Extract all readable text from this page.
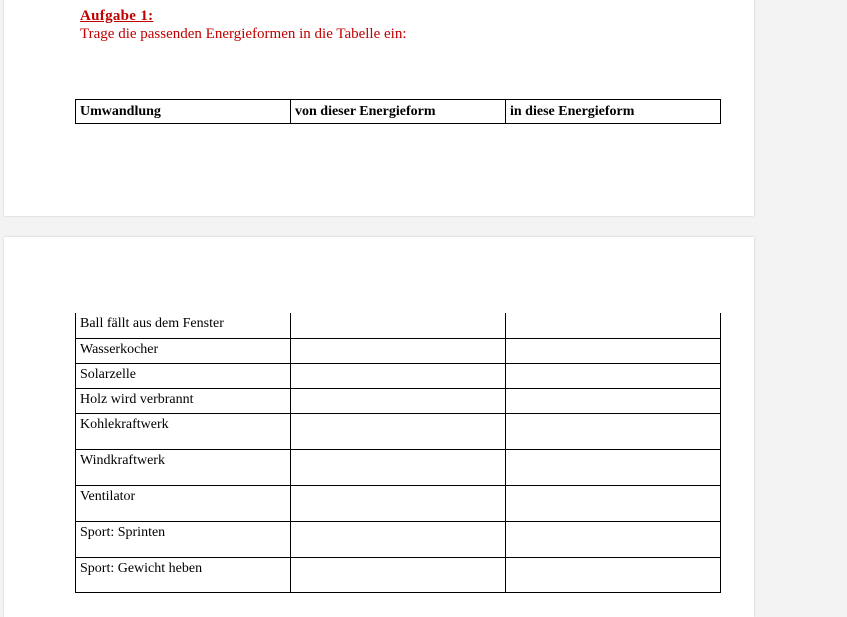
Aufgabe 1:

Trage die passenden Energieformen in die Tabelle ein:

Umwandlung	von dieser Energieform	in diese Energieform
Ball fällt aus dem Fenster		
Wasserkocher		
Solarzelle		
Holz wird verbrannt		
Kohlekraftwerk		
Windkraftwerk		
Ventilator		
Sport: Sprinten		
Sport: Gewicht heben		
